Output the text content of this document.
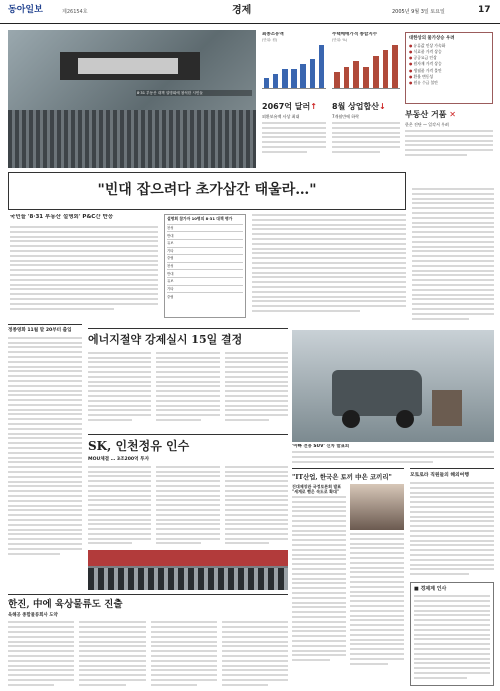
동아일보	제26154호	경제	2005년 9월 3일 토요일	17
8·31 부동산 대책 설명회에 참석한 시민들
최종소유액
(단위: 원)
주택매매가격 종합지수
(단위: %)	대한상의 물가상승 우려
● 유류값 인상 가속화
● 식료품 가격 상승
● 공공요금 인상
● 원자재 가격 상승
● 생필품 가격 불안
● 환율 변동성
● 원유 수급 불안
2067억 달러↑
외환보유액 사상 최대
8월 상업합산↓
7개월만에 하락	부동산 거품 ✕
한은 진단 — 일각서 우려
"빈대 잡으려다 초가삼간 태울라…"
국민들 '8·31 부동산 설명회' P&C간 반응	설명회 참가자 10명의 8·31 대책 평가
찬성
반대
유보
기타
중립
찬성
반대
유보
기타
중립
정종영화 11월 말 20부터 출입
에너지절약 강제실시 15일 결정
'아빠 전용 SUV' 신차 발표회
SK, 인천정유 인수
MOU체결 … 3조200억 투자
"IT산업, 한국은 토끼 中은 코끼리"
진대제장관 국정토론회 발표
"세계로 뻗은 속도로 확대"
모토로라 직원들의 해외여행
■ 경제계 인사
한진, 中에 육상물류도 진출
육해공 종합물류회사 도약
